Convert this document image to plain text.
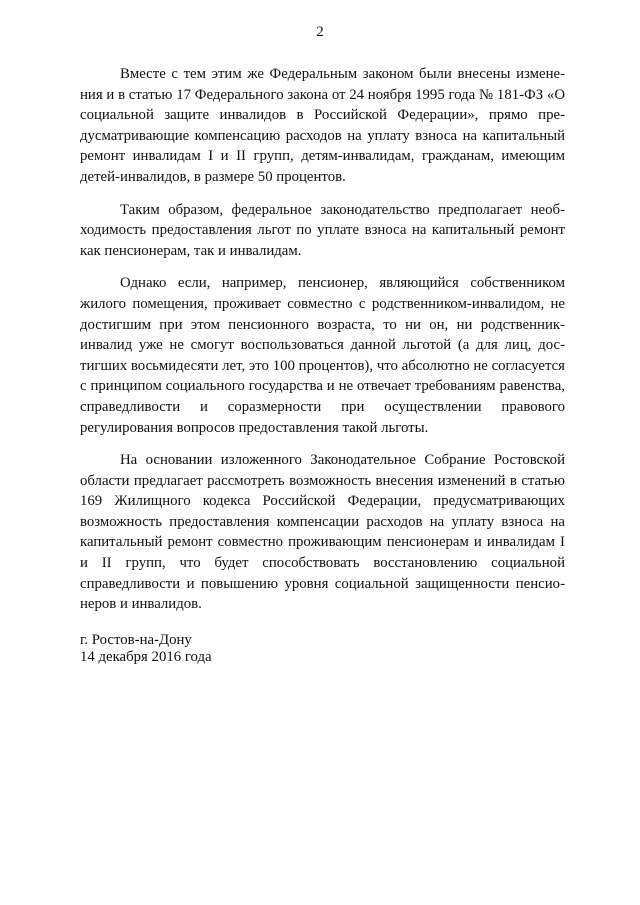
2

Вместе с тем этим же Федеральным законом были внесены изменения и в статью 17 Федерального закона от 24 ноября 1995 года № 181-ФЗ «О социальной защите инвалидов в Российской Федерации», прямо предусматривающие компенсацию расходов на уплату взноса на капитальный ремонт инвалидам I и II групп, детям-инвалидам, гражданам, имеющим детей-инвалидов, в размере 50 процентов.

Таким образом, федеральное законодательство предполагает необходимость предоставления льгот по уплате взноса на капитальный ремонт как пенсионерам, так и инвалидам.

Однако если, например, пенсионер, являющийся собственником жилого помещения, проживает совместно с родственником-инвалидом, не достигшим при этом пенсионного возраста, то ни он, ни родственник-инвалид уже не смогут воспользоваться данной льготой (а для лиц, достигших восьмидесяти лет, это 100 процентов), что абсолютно не согласуется с принципом социального государства и не отвечает требованиям равенства, справедливости и соразмерности при осуществлении правового регулирования вопросов предоставления такой льготы.

На основании изложенного Законодательное Собрание Ростовской области предлагает рассмотреть возможность внесения изменений в статью 169 Жилищного кодекса Российской Федерации, предусматривающих возможность предоставления компенсации расходов на уплату взноса на капитальный ремонт совместно проживающим пенсионерам и инвалидам I и II групп, что будет способствовать восстановлению социальной справедливости и повышению уровня социальной защищенности пенсионеров и инвалидов.

г. Ростов-на-Дону
14 декабря 2016 года
